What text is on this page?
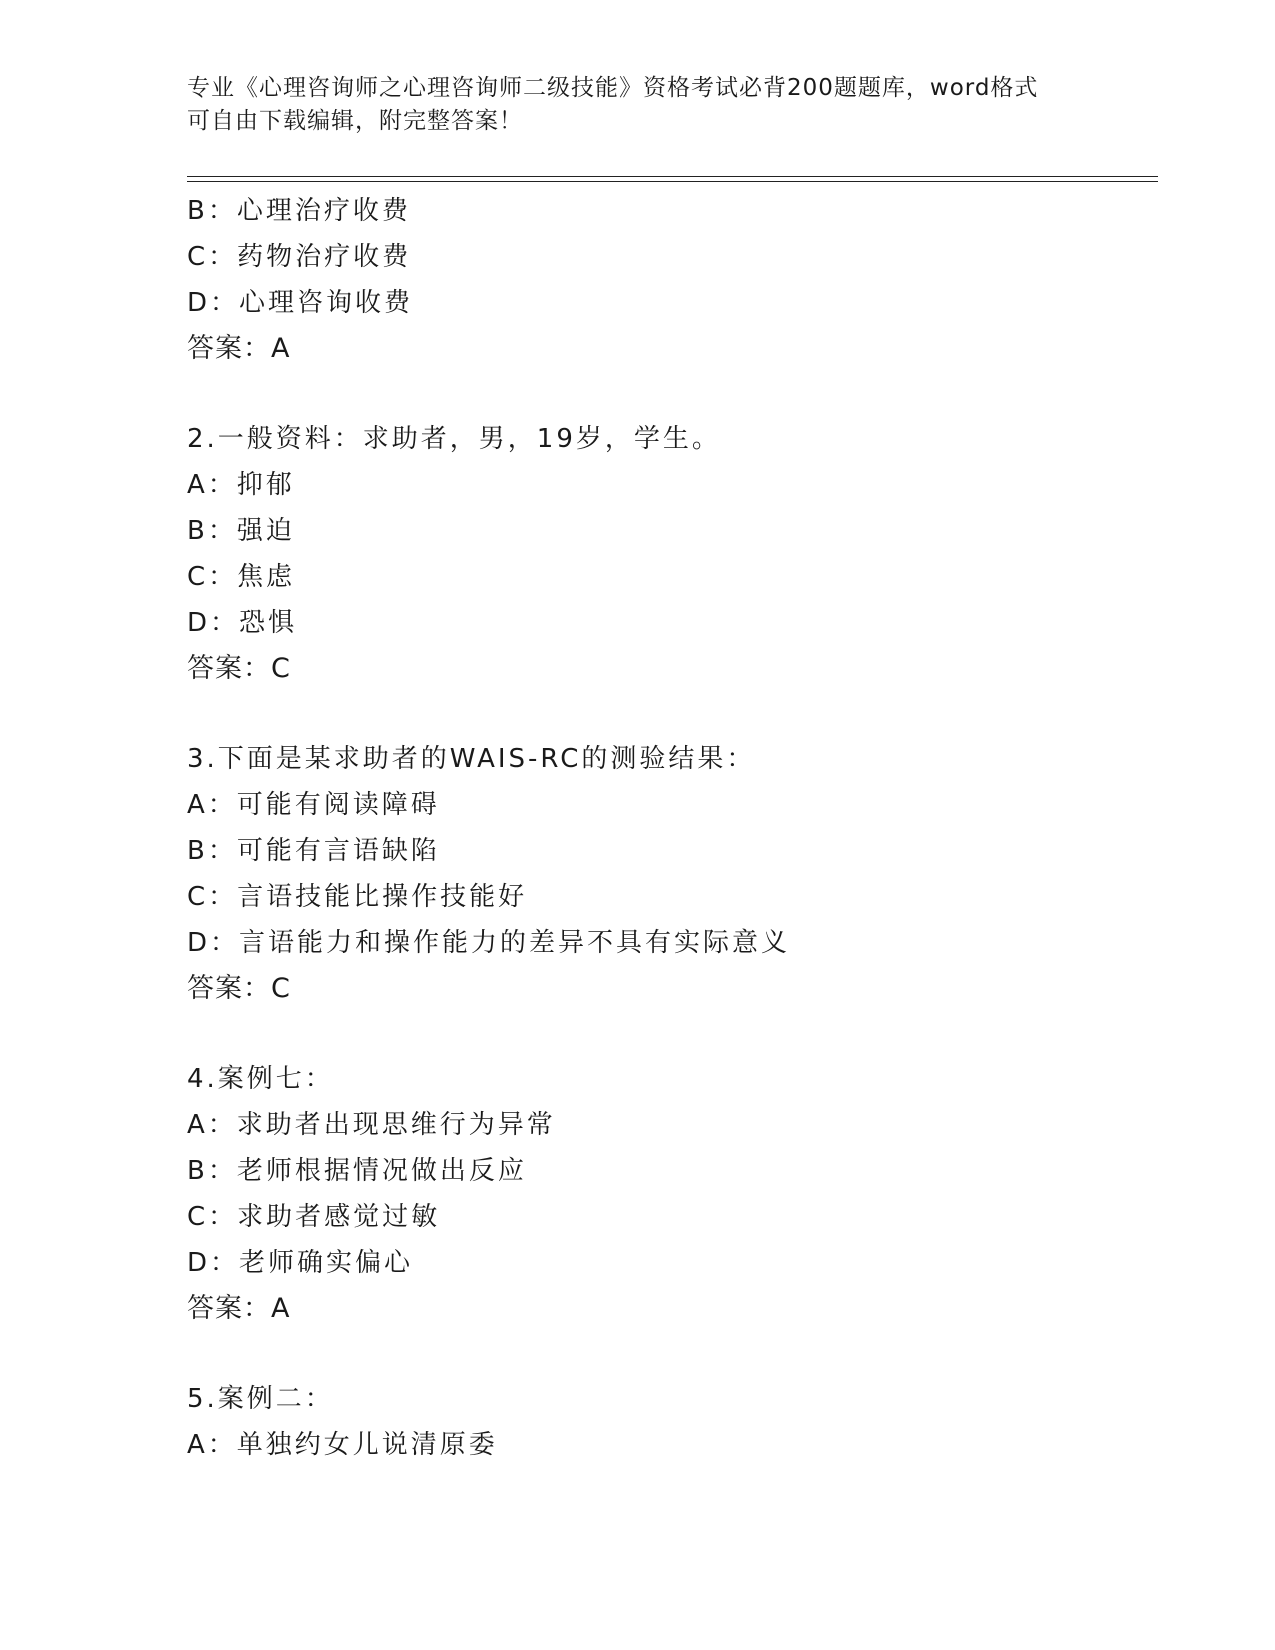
专业《心理咨询师之心理咨询师二级技能》资格考试必背200题题库，word格式
可自由下载编辑，附完整答案！
B：心理治疗收费
C：药物治疗收费
D：心理咨询收费
答案：A
2.一般资料：求助者，男，19岁，学生。
A：抑郁
B：强迫
C：焦虑
D：恐惧
答案：C
3.下面是某求助者的WAIS-RC的测验结果：
A：可能有阅读障碍
B：可能有言语缺陷
C：言语技能比操作技能好
D：言语能力和操作能力的差异不具有实际意义
答案：C
4.案例七：
A：求助者出现思维行为异常
B：老师根据情况做出反应
C：求助者感觉过敏
D：老师确实偏心
答案：A
5.案例二：
A：单独约女儿说清原委
